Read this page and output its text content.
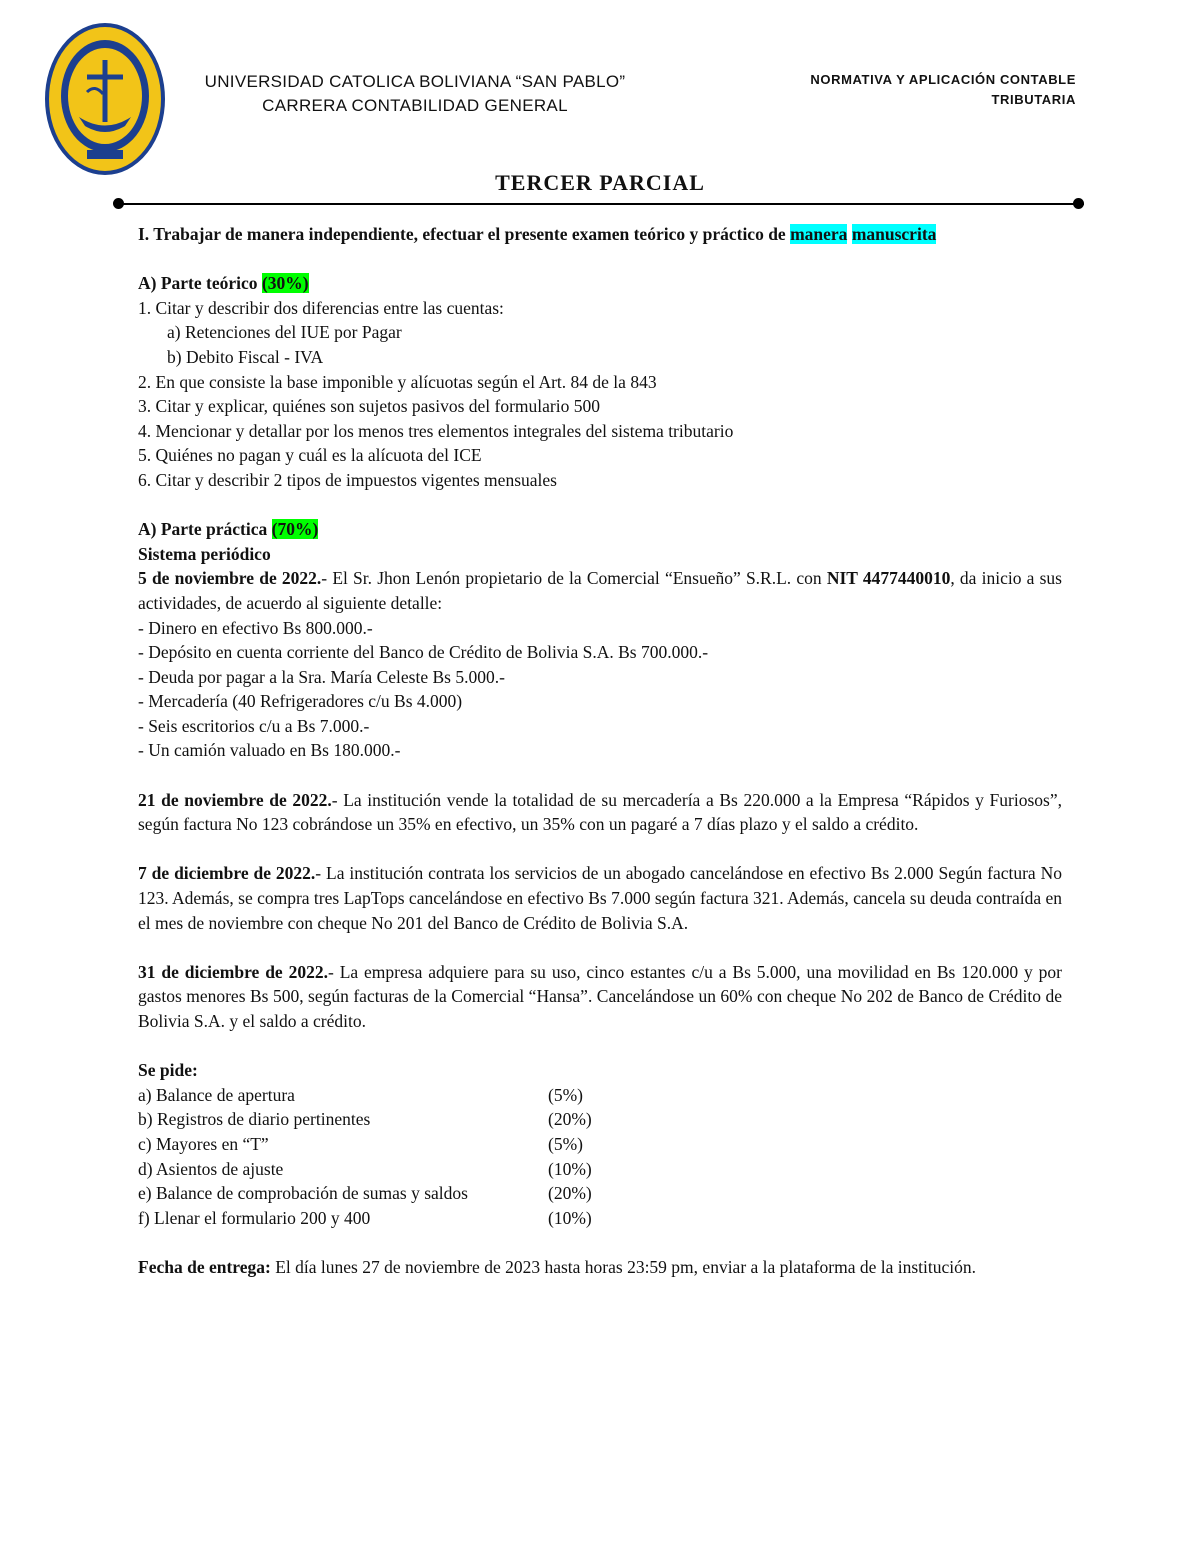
UNIVERSIDAD CATOLICA BOLIVIANA “SAN PABLO”
CARRERA CONTABILIDAD GENERAL
NORMATIVA Y APLICACIÓN CONTABLE
TRIBUTARIA
TERCER PARCIAL

I. Trabajar de manera independiente, efectuar el presente examen teórico y práctico de manera manuscrita

A) Parte teórico (30%)

1. Citar y describir dos diferencias entre las cuentas:

a) Retenciones del IUE por Pagar

b) Debito Fiscal - IVA

2. En que consiste la base imponible y alícuotas según el Art. 84 de la 843

3. Citar y explicar, quiénes son sujetos pasivos del formulario 500

4. Mencionar y detallar por los menos tres elementos integrales del sistema tributario

5. Quiénes no pagan y cuál es la alícuota del ICE

6. Citar y describir 2 tipos de impuestos vigentes mensuales

A) Parte práctica (70%)

Sistema periódico

5 de noviembre de 2022.- El Sr. Jhon Lenón propietario de la Comercial “Ensueño” S.R.L. con NIT 4477440010, da inicio a sus actividades, de acuerdo al siguiente detalle:

- Dinero en efectivo Bs 800.000.-

- Depósito en cuenta corriente del Banco de Crédito de Bolivia S.A. Bs 700.000.-

- Deuda por pagar a la Sra. María Celeste Bs 5.000.-

- Mercadería (40 Refrigeradores c/u Bs 4.000)

- Seis escritorios c/u a Bs 7.000.-

- Un camión valuado en Bs 180.000.-

21 de noviembre de 2022.- La institución vende la totalidad de su mercadería a Bs 220.000 a la Empresa “Rápidos y Furiosos”, según factura No 123 cobrándose un 35% en efectivo, un 35% con un pagaré a 7 días plazo y el saldo a crédito.

7 de diciembre de 2022.- La institución contrata los servicios de un abogado cancelándose en efectivo Bs 2.000 Según factura No 123. Además, se compra tres LapTops cancelándose en efectivo Bs 7.000 según factura 321. Además, cancela su deuda contraída en el mes de noviembre con cheque No 201 del Banco de Crédito de Bolivia S.A.

31 de diciembre de 2022.- La empresa adquiere para su uso, cinco estantes c/u a Bs 5.000, una movilidad en Bs 120.000 y por gastos menores Bs 500, según facturas de la Comercial “Hansa”. Cancelándose un 60% con cheque No 202 de Banco de Crédito de Bolivia S.A. y el saldo a crédito.

Se pide:

a) Balance de apertura	(5%)
b) Registros de diario pertinentes	(20%)
c) Mayores en “T”	(5%)
d) Asientos de ajuste	(10%)
e) Balance de comprobación de sumas y saldos	(20%)
f) Llenar el formulario 200 y 400	(10%)

Fecha de entrega: El día lunes 27 de noviembre de 2023 hasta horas 23:59 pm, enviar a la plataforma de la institución.
